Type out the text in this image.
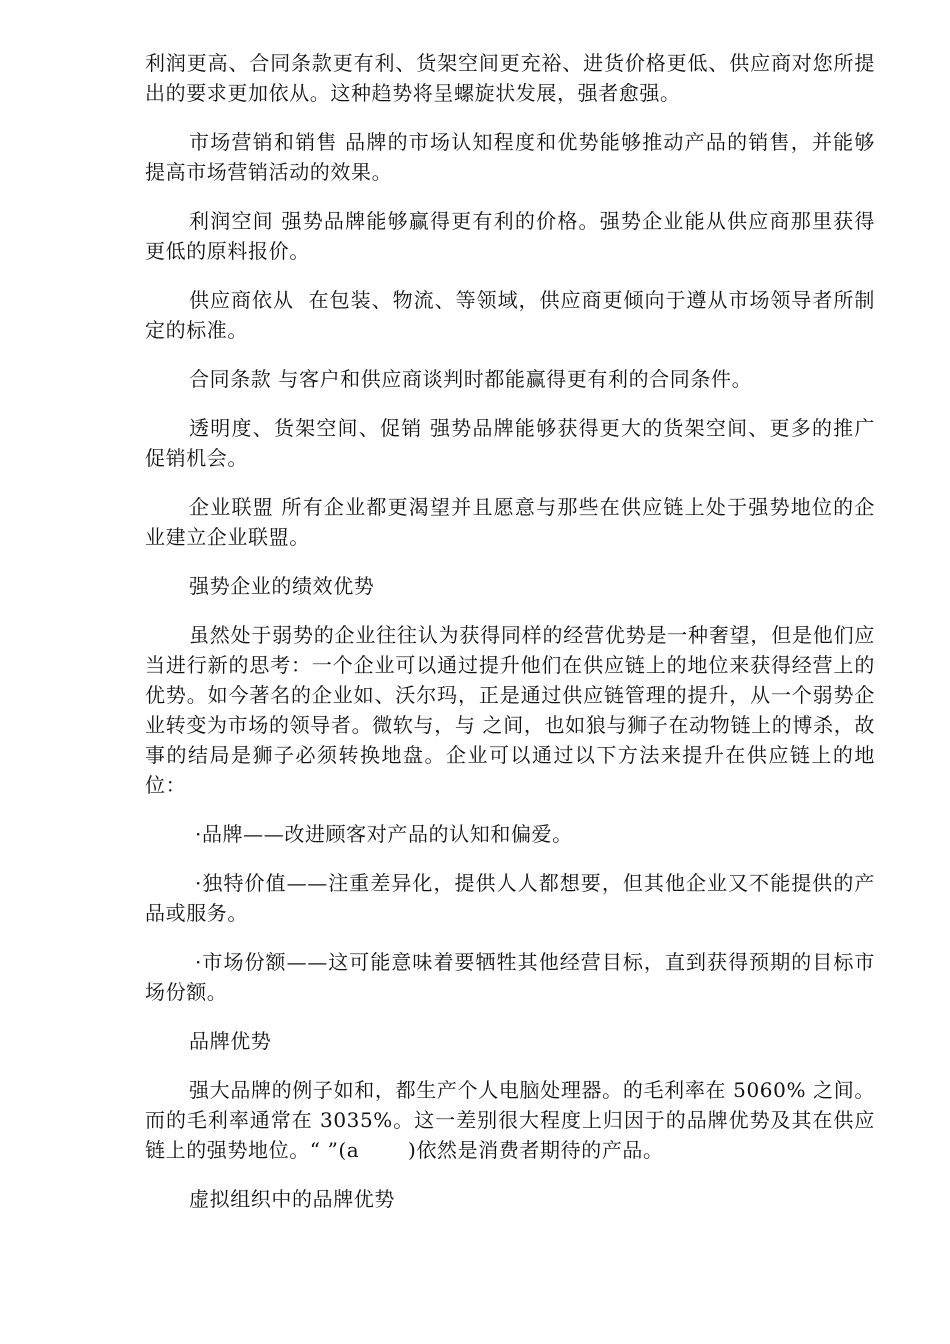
利润更高、合同条款更有利、货架空间更充裕、进货价格更低、供应商对您所提出的要求更加依从。这种趋势将呈螺旋状发展，强者愈强。

市场营销和销售 品牌的市场认知程度和优势能够推动产品的销售，并能够提高市场营销活动的效果。

利润空间 强势品牌能够赢得更有利的价格。强势企业能从供应商那里获得更低的原料报价。

供应商依从 在包装、物流、等领域，供应商更倾向于遵从市场领导者所制定的标准。

合同条款 与客户和供应商谈判时都能赢得更有利的合同条件。

透明度、货架空间、促销 强势品牌能够获得更大的货架空间、更多的推广促销机会。

企业联盟 所有企业都更渴望并且愿意与那些在供应链上处于强势地位的企业建立企业联盟。

强势企业的绩效优势

虽然处于弱势的企业往往认为获得同样的经营优势是一种奢望，但是他们应当进行新的思考：一个企业可以通过提升他们在供应链上的地位来获得经营上的优势。如今著名的企业如、沃尔玛，正是通过供应链管理的提升，从一个弱势企业转变为市场的领导者。微软与，与 之间，也如狼与狮子在动物链上的博杀，故事的结局是狮子必须转换地盘。企业可以通过以下方法来提升在供应链上的地位：

·品牌——改进顾客对产品的认知和偏爱。

·独特价值——注重差异化，提供人人都想要，但其他企业又不能提供的产品或服务。

·市场份额——这可能意味着要牺牲其他经营目标，直到获得预期的目标市场份额。

品牌优势

强大品牌的例子如和，都生产个人电脑处理器。的毛利率在 5060% 之间。而的毛利率通常在 3035%。这一差别很大程度上归因于的品牌优势及其在供应链上的强势地位。“ ”(a       )依然是消费者期待的产品。

虚拟组织中的品牌优势
